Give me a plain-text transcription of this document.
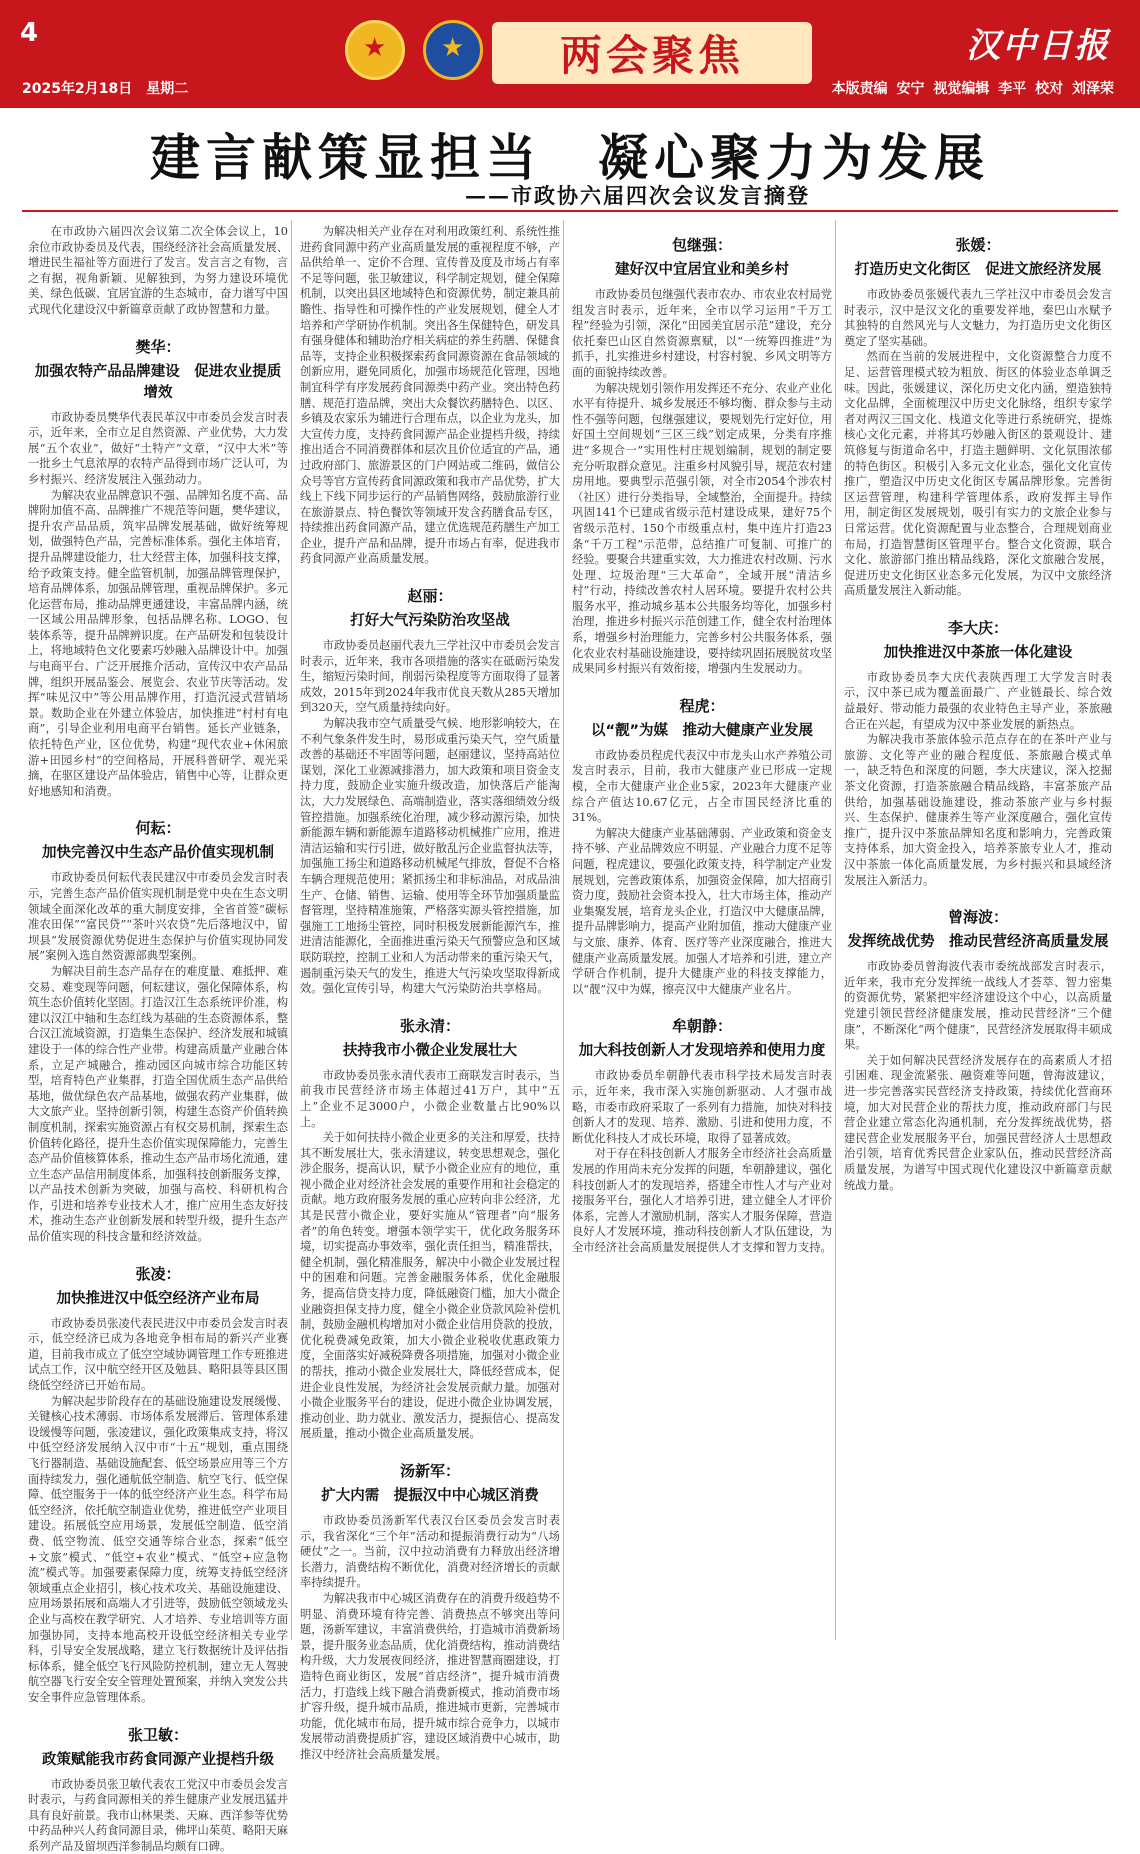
4
2025年2月18日　星期二
★
★
两会聚焦	汉中日报
本版责编 安宁 视觉编辑 李平 校对 刘泽荣
建言献策显担当　凝心聚力为发展
——市政协六届四次会议发言摘登

在市政协六届四次会议第二次全体会议上，10余位市政协委员及代表，围绕经济社会高质量发展、增进民生福祉等方面进行了发言。发言言之有物，言之有据，视角新颖、见解独到，为努力建设环境优美、绿色低碳、宜居宜游的生态城市，奋力谱写中国式现代化建设汉中新篇章贡献了政协智慧和力量。

樊华：
加强农特产品品牌建设　促进农业提质增效

市政协委员樊华代表民革汉中市委员会发言时表示，近年来，全市立足自然资源、产业优势，大力发展“五个农业”，做好“土特产”文章，“汉中大米”等一批乡土气息浓厚的农特产品得到市场广泛认可，为乡村振兴、经济发展注入强劲动力。

为解决农业品牌意识不强、品牌知名度不高、品牌附加值不高、品牌推广不规范等问题，樊华建议，提升农产品品质，筑牢品牌发展基础，做好统筹规划，做强特色产品，完善标准体系。强化主体培育，提升品牌建设能力，壮大经营主体，加强科技支撑，给予政策支持。健全监管机制，加强品牌管理保护，培育品牌体系，加强品牌管理，重视品牌保护。多元化运营布局，推动品牌更通建设，丰富品牌内涵，统一区域公用品牌形象，包括品牌名称、LOGO、包装体系等，提升品牌辨识度。在产品研发和包装设计上，将地域特色文化要素巧妙融入品牌设计中。加强与电商平台、广泛开展推介活动，宣传汉中农产品品牌，组织开展品鉴会、展览会、农业节庆等活动。发挥“味见汉中”等公用品牌作用，打造沉浸式营销场景。数助企业在外建立体验店，加快推进“村村有电商”，引导企业利用电商平台销售。延长产业链条，依托特色产业，区位优势，构建“现代农业+休闲旅游+田园乡村”的空间格局，开展科普研学、观光采摘，在驱区建设产品体验店，销售中心等，让群众更好地感知和消费。

何耘：
加快完善汉中生态产品价值实现机制

市政协委员何耘代表民建汉中市委员会发言时表示，完善生态产品价值实现机制是党中央在生态文明领域全面深化改革的重大制度安排，全省首签“碳标准农田保”“富民贷”“茶叶兴农贷”先后落地汉中，留坝县“发展资源优势促进生态保护与价值实现协同发展”案例入选自然资源部典型案例。

为解决目前生态产品存在的难度量、难抵押、难交易、难变现等问题，何耘建议，强化保障体系，构筑生态价值转化坚固。打造汉江生态系统评价准，构建以汉江中轴和生态红线为基础的生态资源体系，整合汉江流域资源，打造集生态保护、经济发展和城镇建设于一体的综合性产业带。构建高质量产业融合体系，立足产城融合，推动园区向城市综合功能区转型，培育特色产业集群，打造全国优质生态产品供给基地，做优绿色农产品基地，做强农药产业集群，做大文旅产业。坚持创新引领，构建生态资产价值转换制度机制，探索实施资源占有权交易机制，探索生态价值转化路径，提升生态价值实现保障能力，完善生态产品价值核算体系，推动生态产品市场化流通，建立生态产品信用制度体系，加强科技创新服务支撑，以产品技术创新为突破，加强与高校、科研机构合作，引进和培养专业技术人才，推广应用生态友好技术，推动生态产业创新发展和转型升级，提升生态产品价值实现的科技含量和经济效益。

张凌：
加快推进汉中低空经济产业布局

市政协委员张凌代表民进汉中市委员会发言时表示，低空经济已成为各地竞争相布局的新兴产业赛道，目前我市成立了低空空域协调管理工作专班推进试点工作，汉中航空经开区及勉县、略阳县等县区围绕低空经济已开始布局。

为解决起步阶段存在的基础设施建设发展缓慢、关键核心技术薄弱、市场体系发展滞后、管理体系建设缓慢等问题，张凌建议，强化政策集成支持，将汉中低空经济发展纳入汉中市“十五”规划，重点围绕飞行器制造、基础设施配套、低空场景应用等三个方面持续发力，强化通航低空制造、航空飞行、低空保障、低空服务于一体的低空经济产业生态。科学布局低空经济，依托航空制造业优势，推进低空产业项目建设。拓展低空应用场景，发展低空制造、低空消费、低空物流、低空交通等综合业态，探索“低空+文旅”模式、“低空+农业”模式、“低空+应急物流”模式等。加强要素保障力度，统筹支持低空经济领域重点企业招引，核心技术攻关、基础设施建设、应用场景拓展和高端人才引进等，鼓励低空领域龙头企业与高校在教学研究、人才培养、专业培训等方面加强协同，支持本地高校开设低空经济相关专业学科，引导安全发展战略，建立飞行数据统计及评估指标体系，健全低空飞行风险防控机制，建立无人驾驶航空器飞行安全安全管理处置预案，并纳入突发公共安全事件应急管理体系。

张卫敏：
政策赋能我市药食同源产业提档升级

市政协委员张卫敏代表农工党汉中市委员会发言时表示，与药食同源相关的养生健康产业发展迅猛并具有良好前景。我市山林果类、天麻、西洋参等优势中药品种兴人药食同源目录，佛坪山茱萸、略阳天麻系列产品及留坝西洋参制品均颇有口碑。

为解决相关产业存在对利用政策红利、系统性推进药食同源中药产业高质量发展的重视程度不够，产品供给单一、定价不合理、宣传普及度及市场占有率不足等问题，张卫敏建议，科学制定规划，健全保障机制，以突出县区地域特色和资源优势，制定兼具前瞻性、指导性和可操作性的产业发展规划，健全人才培养和产学研协作机制。突出各生保健特色，研发具有强身健体和辅助治疗相关病症的养生药膳、保健食品等，支持企业积极探索药食同源资源在食品领域的创新应用，避免同质化，加强市场规范化管理，因地制宜科学有序发展药食同源类中药产业。突出特色药膳、规范打造品牌，突出大众餐饮药膳特色、以区、乡镇及农家乐为辅进行合理布点，以企业为龙头，加大宣传力度，支持药食同源产品企业提档升级，持续推出适合不同消费群体和层次且价位适宜的产品，通过政府部门、旅游景区的门户网站或二维码，做信公众号等官方宣传药食同源政策和我市产品优势，扩大线上下线下同步运行的产品销售网络，鼓励旅游行业在旅游景点、特色餐饮等领域开发含药膳食品专区，持续推出药食同源产品，建立优选规范药膳生产加工企业，提升产品和品牌，提升市场占有率，促进我市药食同源产业高质量发展。

赵丽：
打好大气污染防治攻坚战

市政协委员赵丽代表九三学社汉中市委员会发言时表示，近年来，我市各项措施的落实在砥砺污染发生，缩短污染时间，削弱污染程度等方面取得了显著成效，2015年到2024年我市优良天数从285天增加到320天，空气质量持续向好。

为解决我市空气质量受气候、地形影响较大，在不利气象条件发生时，易形成重污染天气，空气质量改善的基础还不牢固等问题，赵丽建议，坚持高站位谋划，深化工业源减排潜力，加大政策和项目资金支持力度，鼓励企业实施升级改造，加快落后产能淘汰，大力发展绿色、高端制造业，落实落细绩效分级管控措施。加强系统化治理，减少移动源污染，加快新能源车辆和新能源车道路移动机械推广应用，推进清洁运输和实行引进，做好散乱污企业监督执法等，加强施工扬尘和道路移动机械尾气排放，督促不合格车辆合理规范使用；紧抓扬尘和非标油品，对成品油生产、仓储、销售、运输、使用等全环节加强质量监督管理，坚持精准施策，严格落实源头管控措施，加强施工工地扬尘管控，同时积极发展新能源汽车，推进清洁能源化，全面推进重污染天气预警应急和区域联防联控，控制工业和人为活动带来的重污染天气，遏制重污染天气的发生，推进大气污染攻坚取得新成效。强化宣传引导，构建大气污染防治共享格局。

张永清：
扶持我市小微企业发展壮大

市政协委员张永清代表市工商联发言时表示，当前我市民营经济市场主体超过41万户，其中“五上”企业不足3000户，小微企业数量占比90%以上。

关于如何扶持小微企业更多的关注和厚爱，扶持其不断发展壮大，张永清建议，转变思想观念，强化涉企服务，提高认识，赋予小微企业应有的地位，重视小微企业对经济社会发展的重要作用和社会稳定的贡献。地方政府服务发展的重心应转向非公经济，尤其是民营小微企业，要好实施从“管理者”向“服务者”的角色转变。增强本领学实干，优化政务服务环境，切实提高办事效率，强化责任担当，精准帮扶，健全机制，强化精准服务，解决中小微企业发展过程中的困难和问题。完善金融服务体系，优化金融服务，提高信贷支持力度，降低融资门槛，加大小微企业融资担保支持力度，健全小微企业贷款风险补偿机制，鼓励金融机构增加对小微企业信用贷款的投放，优化税费减免政策，加大小微企业税收优惠政策力度，全面落实好减税降费各项措施，加强对小微企业的帮扶，推动小微企业发展壮大，降低经营成本，促进企业良性发展，为经济社会发展贡献力量。加强对小微企业服务平台的建设，促进小微企业协调发展，推动创业、助力就业、激发活力，提振信心、提高发展质量，推动小微企业高质量发展。

汤新军：
扩大内需　提振汉中中心城区消费

市政协委员汤新军代表汉台区委员会发言时表示，我省深化“三个年”活动和提振消费行动为“八场硬仗”之一。当前，汉中拉动消费有力释放出经济增长潜力，消费结构不断优化，消费对经济增长的贡献率持续提升。

为解决我市中心城区消费存在的消费升级趋势不明显、消费环境有待完善、消费热点不够突出等问题，汤新军建议，丰富消费供给，打造城市消费新场景，提升服务业态品质，优化消费结构，推动消费结构升级，大力发展夜间经济，推进智慧商圈建设，打造特色商业街区，发展“首店经济”，提升城市消费活力，打造线上线下融合消费新模式，推动消费市场扩容升级，提升城市品质，推进城市更新，完善城市功能，优化城市布局，提升城市综合竞争力，以城市发展带动消费提质扩容，建设区域消费中心城市，助推汉中经济社会高质量发展。

包继强：
建好汉中宜居宜业和美乡村

市政协委员包继强代表市农办、市农业农村局党组发言时表示，近年来，全市以学习运用“千万工程”经验为引领，深化“田园美宜居示范”建设，充分依托秦巴山区自然资源禀赋，以“一统筹四推进”为抓手，扎实推进乡村建设，村容村貌、乡风文明等方面的面貌持续改善。

为解决规划引领作用发挥还不充分、农业产业化水平有待提升、城乡发展还不够均衡、群众参与主动性不强等问题，包继强建议，要规划先行定好位，用好国土空间规划“三区三线”划定成果，分类有序推进“多规合一”实用性村庄规划编制，规划的制定要充分听取群众意见。注重乡村风貌引导，规范农村建房用地。要典型示范强引领，对全市2054个涉农村（社区）进行分类指导，全域整治，全面提升。持续巩固141个已建成省级示范村建设成果，建好75个省级示范村、150个市级重点村，集中连片打造23条“千万工程”示范带，总结推广可复制、可推广的经验。要聚合共建重实效，大力推进农村改厕、污水处理、垃圾治理“三大革命”，全域开展“清洁乡村”行动，持续改善农村人居环境。要提升农村公共服务水平，推动城乡基本公共服务均等化，加强乡村治理，推进乡村振兴示范创建工作，健全农村治理体系，增强乡村治理能力，完善乡村公共服务体系，强化农业农村基础设施建设，要持续巩固拓展脱贫攻坚成果同乡村振兴有效衔接，增强内生发展动力。

程虎：
以“靓”为媒　推动大健康产业发展

市政协委员程虎代表汉中市龙头山水产养殖公司发言时表示，目前，我市大健康产业已形成一定规模，全市大健康产业企业5家，2023年大健康产业综合产值达10.67亿元，占全市国民经济比重的31%。

为解决大健康产业基础薄弱、产业政策和资金支持不够、产业品牌效应不明显、产业融合力度不足等问题，程虎建议，要强化政策支持，科学制定产业发展规划，完善政策体系，加强资金保障，加大招商引资力度，鼓励社会资本投入，壮大市场主体，推动产业集聚发展，培育龙头企业，打造汉中大健康品牌，提升品牌影响力，提高产业附加值，推动大健康产业与文旅、康养、体育、医疗等产业深度融合，推进大健康产业高质量发展。加强人才培养和引进，建立产学研合作机制，提升大健康产业的科技支撑能力，以“靓”汉中为媒，擦亮汉中大健康产业名片。

牟朝静：
加大科技创新人才发现培养和使用力度

市政协委员牟朝静代表市科学技术局发言时表示，近年来，我市深入实施创新驱动、人才强市战略，市委市政府采取了一系列有力措施，加快对科技创新人才的发现、培养、激励、引进和使用力度，不断优化科技人才成长环境，取得了显著成效。

对于存在科技创新人才服务全市经济社会高质量发展的作用尚未充分发挥的问题，牟朝静建议，强化科技创新人才的发现培养，搭建全市性人才与产业对接服务平台，强化人才培养引进，建立健全人才评价体系，完善人才激励机制，落实人才服务保障，营造良好人才发展环境，推动科技创新人才队伍建设，为全市经济社会高质量发展提供人才支撑和智力支持。

张媛：
打造历史文化街区　促进文旅经济发展

市政协委员张媛代表九三学社汉中市委员会发言时表示，汉中是汉文化的重要发祥地，秦巴山水赋予其独特的自然风光与人文魅力，为打造历史文化街区奠定了坚实基础。

然而在当前的发展进程中，文化资源整合力度不足、运营管理模式较为粗放、街区的体验业态单调乏味。因此，张媛建议，深化历史文化内涵，塑造独特文化品牌，全面梳理汉中历史文化脉络，组织专家学者对两汉三国文化、栈道文化等进行系统研究，提炼核心文化元素，并将其巧妙融入街区的景观设计、建筑修复与街道命名中，打造主题鲜明、文化氛围浓郁的特色街区。积极引入多元文化业态，强化文化宣传推广，塑造汉中历史文化街区专属品牌形象。完善街区运营管理，构建科学管理体系，政府发挥主导作用，制定街区发展规划，吸引有实力的文旅企业参与日常运营。优化资源配置与业态整合，合理规划商业布局，打造智慧街区管理平台。整合文化资源，联合文化、旅游部门推出精品线路，深化文旅融合发展，促进历史文化街区业态多元化发展，为汉中文旅经济高质量发展注入新动能。

李大庆：
加快推进汉中茶旅一体化建设

市政协委员李大庆代表陕西理工大学发言时表示，汉中茶已成为覆盖面最广、产业链最长、综合效益最好、带动能力最强的农业特色主导产业，茶旅融合正在兴起，有望成为汉中茶业发展的新热点。

为解决我市茶旅体验示范点存在的在茶叶产业与旅游、文化等产业的融合程度低、茶旅融合模式单一，缺乏特色和深度的问题，李大庆建议，深入挖掘茶文化资源，打造茶旅融合精品线路，丰富茶旅产品供给，加强基础设施建设，推动茶旅产业与乡村振兴、生态保护、健康养生等产业深度融合，强化宣传推广，提升汉中茶旅品牌知名度和影响力，完善政策支持体系，加大资金投入，培养茶旅专业人才，推动汉中茶旅一体化高质量发展，为乡村振兴和县域经济发展注入新活力。

曾海波：
发挥统战优势　推动民营经济高质量发展

市政协委员曾海波代表市委统战部发言时表示，近年来，我市充分发挥统一战线人才荟萃、智力密集的资源优势，紧紧把牢经济建设这个中心，以高质量党建引领民营经济健康发展，推动民营经济“三个健康”，不断深化“两个健康”，民营经济发展取得丰硕成果。

关于如何解决民营经济发展存在的高素质人才招引困难、现金流紧张、融资难等问题，曾海波建议，进一步完善落实民营经济支持政策，持续优化营商环境，加大对民营企业的帮扶力度，推动政府部门与民营企业建立常态化沟通机制，充分发挥统战优势，搭建民营企业发展服务平台，加强民营经济人士思想政治引领，培育优秀民营企业家队伍，推动民营经济高质量发展，为谱写中国式现代化建设汉中新篇章贡献统战力量。
